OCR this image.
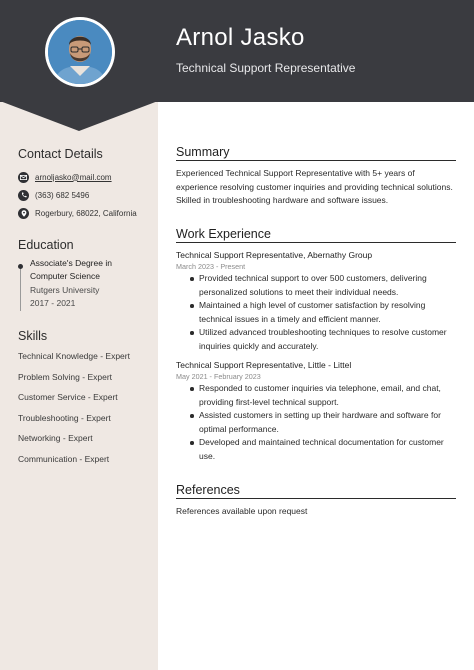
Arnol Jasko
Technical Support Representative
Contact Details
arnoljasko@mail.com
(363) 682 5496
Rogerbury, 68022, California
Education
Associate's Degree in
Computer Science
Rutgers University
2017 - 2021
Skills
Technical Knowledge - Expert
Problem Solving - Expert
Customer Service - Expert
Troubleshooting - Expert
Networking - Expert
Communication - Expert
Summary
Experienced Technical Support Representative with 5+ years of experience resolving customer inquiries and providing technical solutions. Skilled in troubleshooting hardware and software issues.
Work Experience
Technical Support Representative, Abernathy Group
March 2023 - Present
Provided technical support to over 500 customers, delivering personalized solutions to meet their individual needs.
Maintained a high level of customer satisfaction by resolving technical issues in a timely and efficient manner.
Utilized advanced troubleshooting techniques to resolve customer inquiries quickly and accurately.
Technical Support Representative, Little - Littel
May 2021 - February 2023
Responded to customer inquiries via telephone, email, and chat, providing first-level technical support.
Assisted customers in setting up their hardware and software for optimal performance.
Developed and maintained technical documentation for customer use.
References
References available upon request
